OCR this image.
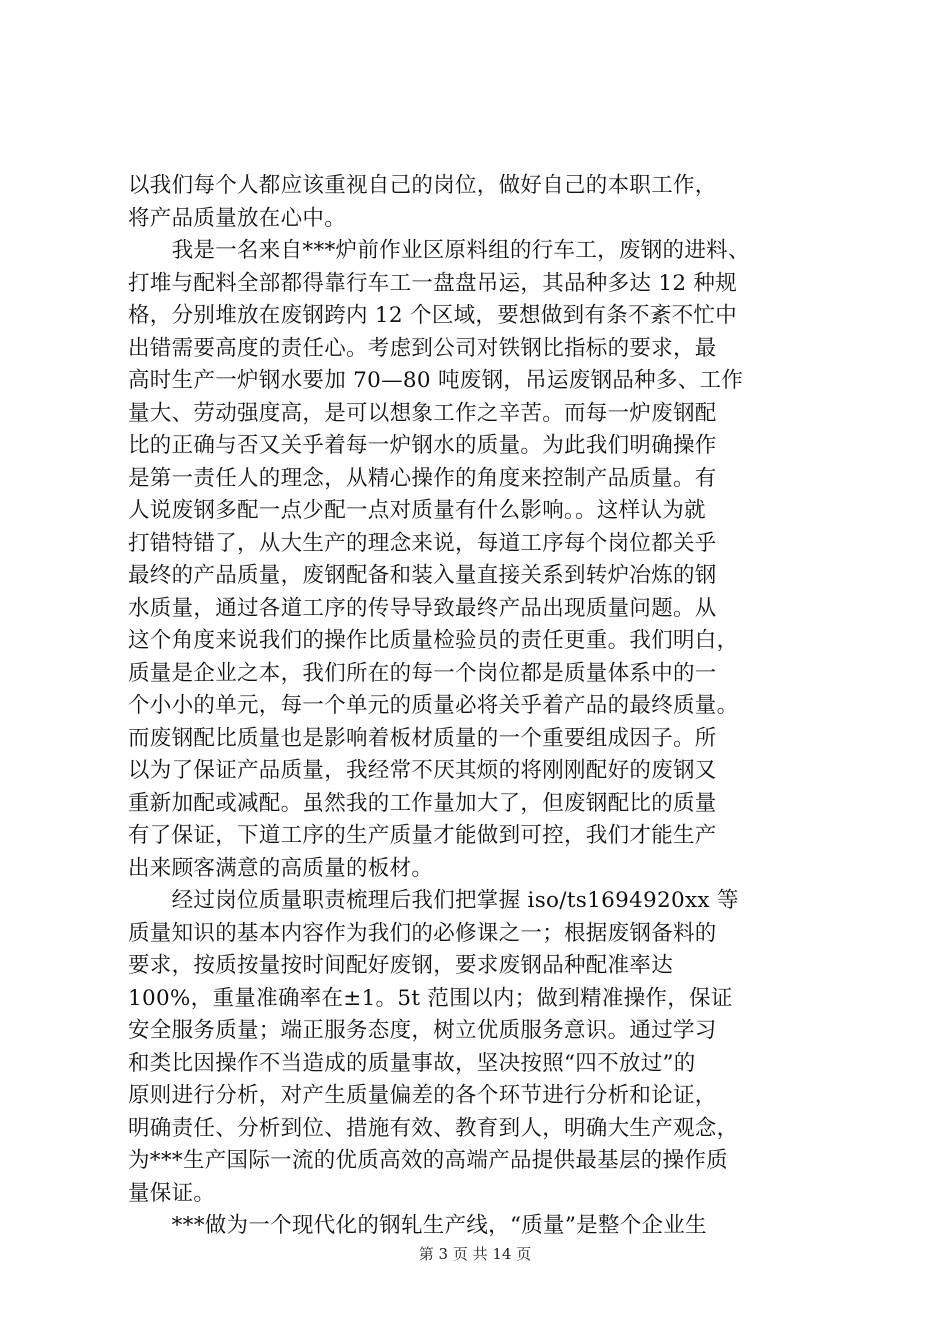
以我们每个人都应该重视自己的岗位，做好自己的本职工作，
将产品质量放在心中。
　　我是一名来自***炉前作业区原料组的行车工，废钢的进料、
打堆与配料全部都得靠行车工一盘盘吊运，其品种多达 12 种规
格，分别堆放在废钢跨内 12 个区域，要想做到有条不紊不忙中
出错需要高度的责任心。考虑到公司对铁钢比指标的要求，最
高时生产一炉钢水要加 70—80 吨废钢，吊运废钢品种多、工作
量大、劳动强度高，是可以想象工作之辛苦。而每一炉废钢配
比的正确与否又关乎着每一炉钢水的质量。为此我们明确操作
是第一责任人的理念，从精心操作的角度来控制产品质量。有
人说废钢多配一点少配一点对质量有什么影响。。这样认为就
打错特错了，从大生产的理念来说，每道工序每个岗位都关乎
最终的产品质量，废钢配备和装入量直接关系到转炉冶炼的钢
水质量，通过各道工序的传导导致最终产品出现质量问题。从
这个角度来说我们的操作比质量检验员的责任更重。我们明白，
质量是企业之本，我们所在的每一个岗位都是质量体系中的一
个小小的单元，每一个单元的质量必将关乎着产品的最终质量。
而废钢配比质量也是影响着板材质量的一个重要组成因子。所
以为了保证产品质量，我经常不厌其烦的将刚刚配好的废钢又
重新加配或减配。虽然我的工作量加大了，但废钢配比的质量
有了保证，下道工序的生产质量才能做到可控，我们才能生产
出来顾客满意的高质量的板材。
　　经过岗位质量职责梳理后我们把掌握 iso/ts1694920xx 等
质量知识的基本内容作为我们的必修课之一；根据废钢备料的
要求，按质按量按时间配好废钢，要求废钢品种配准率达
100%，重量准确率在±1。5t 范围以内；做到精准操作，保证
安全服务质量；端正服务态度，树立优质服务意识。通过学习
和类比因操作不当造成的质量事故，坚决按照“四不放过”的
原则进行分析，对产生质量偏差的各个环节进行分析和论证，
明确责任、分析到位、措施有效、教育到人，明确大生产观念，
为***生产国际一流的优质高效的高端产品提供最基层的操作质
量保证。
　　***做为一个现代化的钢轧生产线，“质量”是整个企业生
第 3 页 共 14 页
